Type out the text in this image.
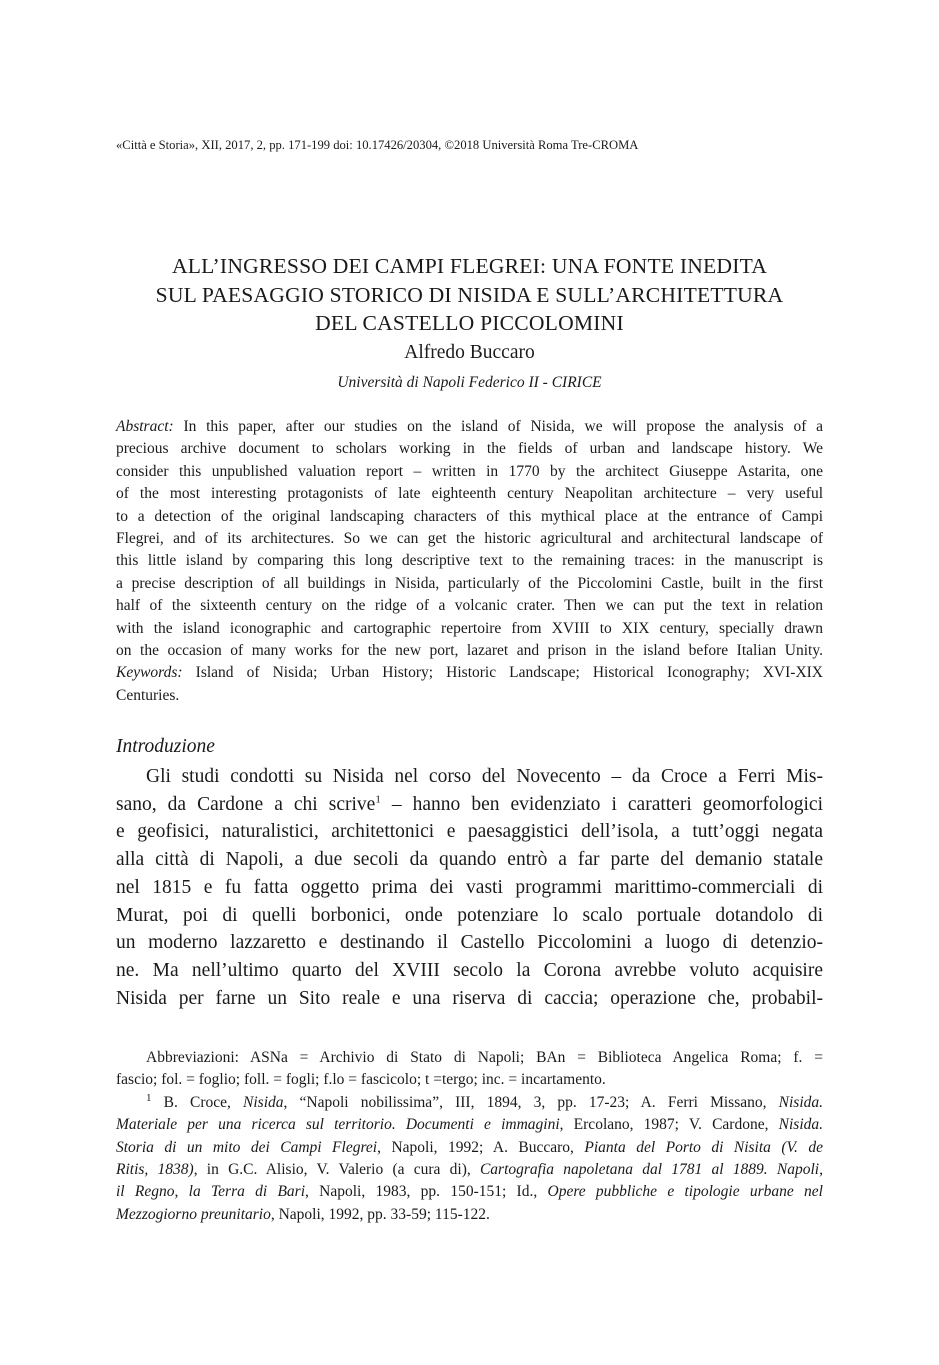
«Città e Storia», XII, 2017, 2, pp. 171-199 doi: 10.17426/20304, ©2018 Università Roma Tre-CROMA
ALL’INGRESSO DEI CAMPI FLEGREI: UNA FONTE INEDITA
SUL PAESAGGIO STORICO DI NISIDA E SULL’ARCHITETTURA
DEL CASTELLO PICCOLOMINI
Alfredo Buccaro
Università di Napoli Federico II - CIRICE
Abstract: In this paper, after our studies on the island of Nisida, we will propose the analysis of a
precious archive document to scholars working in the fields of urban and landscape history. We
consider this unpublished valuation report – written in 1770 by the architect Giuseppe Astarita, one
of the most interesting protagonists of late eighteenth century Neapolitan architecture – very useful
to a detection of the original landscaping characters of this mythical place at the entrance of Campi
Flegrei, and of its architectures. So we can get the historic agricultural and architectural landscape of
this little island by comparing this long descriptive text to the remaining traces: in the manuscript is
a precise description of all buildings in Nisida, particularly of the Piccolomini Castle, built in the first
half of the sixteenth century on the ridge of a volcanic crater. Then we can put the text in relation
with the island iconographic and cartographic repertoire from XVIII to XIX century, specially drawn
on the occasion of many works for the new port, lazaret and prison in the island before Italian Unity.
Keywords: Island of Nisida; Urban History; Historic Landscape; Historical Iconography; XVI-XIX
Centuries.
Introduzione
Gli studi condotti su Nisida nel corso del Novecento – da Croce a Ferri Mis-
sano, da Cardone a chi scrive$^1$ – hanno ben evidenziato i caratteri geomorfologici
e geofisici, naturalistici, architettonici e paesaggistici dell’isola, a tutt’oggi negata
alla città di Napoli, a due secoli da quando entrò a far parte del demanio statale
nel 1815 e fu fatta oggetto prima dei vasti programmi marittimo-commerciali di
Murat, poi di quelli borbonici, onde potenziare lo scalo portuale dotandolo di
un moderno lazzaretto e destinando il Castello Piccolomini a luogo di detenzio-
ne. Ma nell’ultimo quarto del XVIII secolo la Corona avrebbe voluto acquisire
Nisida per farne un Sito reale e una riserva di caccia; operazione che, probabil-
Abbreviazioni: ASNa = Archivio di Stato di Napoli; BAn = Biblioteca Angelica Roma; f. =
fascio; fol. = foglio; foll. = fogli; f.lo = fascicolo; t =tergo; inc. = incartamento.
$^1$ B. Croce, Nisida, “Napoli nobilissima”, III, 1894, 3, pp. 17-23; A. Ferri Missano, Nisida.
Materiale per una ricerca sul territorio. Documenti e immagini, Ercolano, 1987; V. Cardone, Nisida.
Storia di un mito dei Campi Flegrei, Napoli, 1992; A. Buccaro, Pianta del Porto di Nisita (V. de
Ritis, 1838), in G.C. Alisio, V. Valerio (a cura di), Cartografia napoletana dal 1781 al 1889. Napoli,
il Regno, la Terra di Bari, Napoli, 1983, pp. 150-151; Id., Opere pubbliche e tipologie urbane nel
Mezzogiorno preunitario, Napoli, 1992, pp. 33-59; 115-122.
